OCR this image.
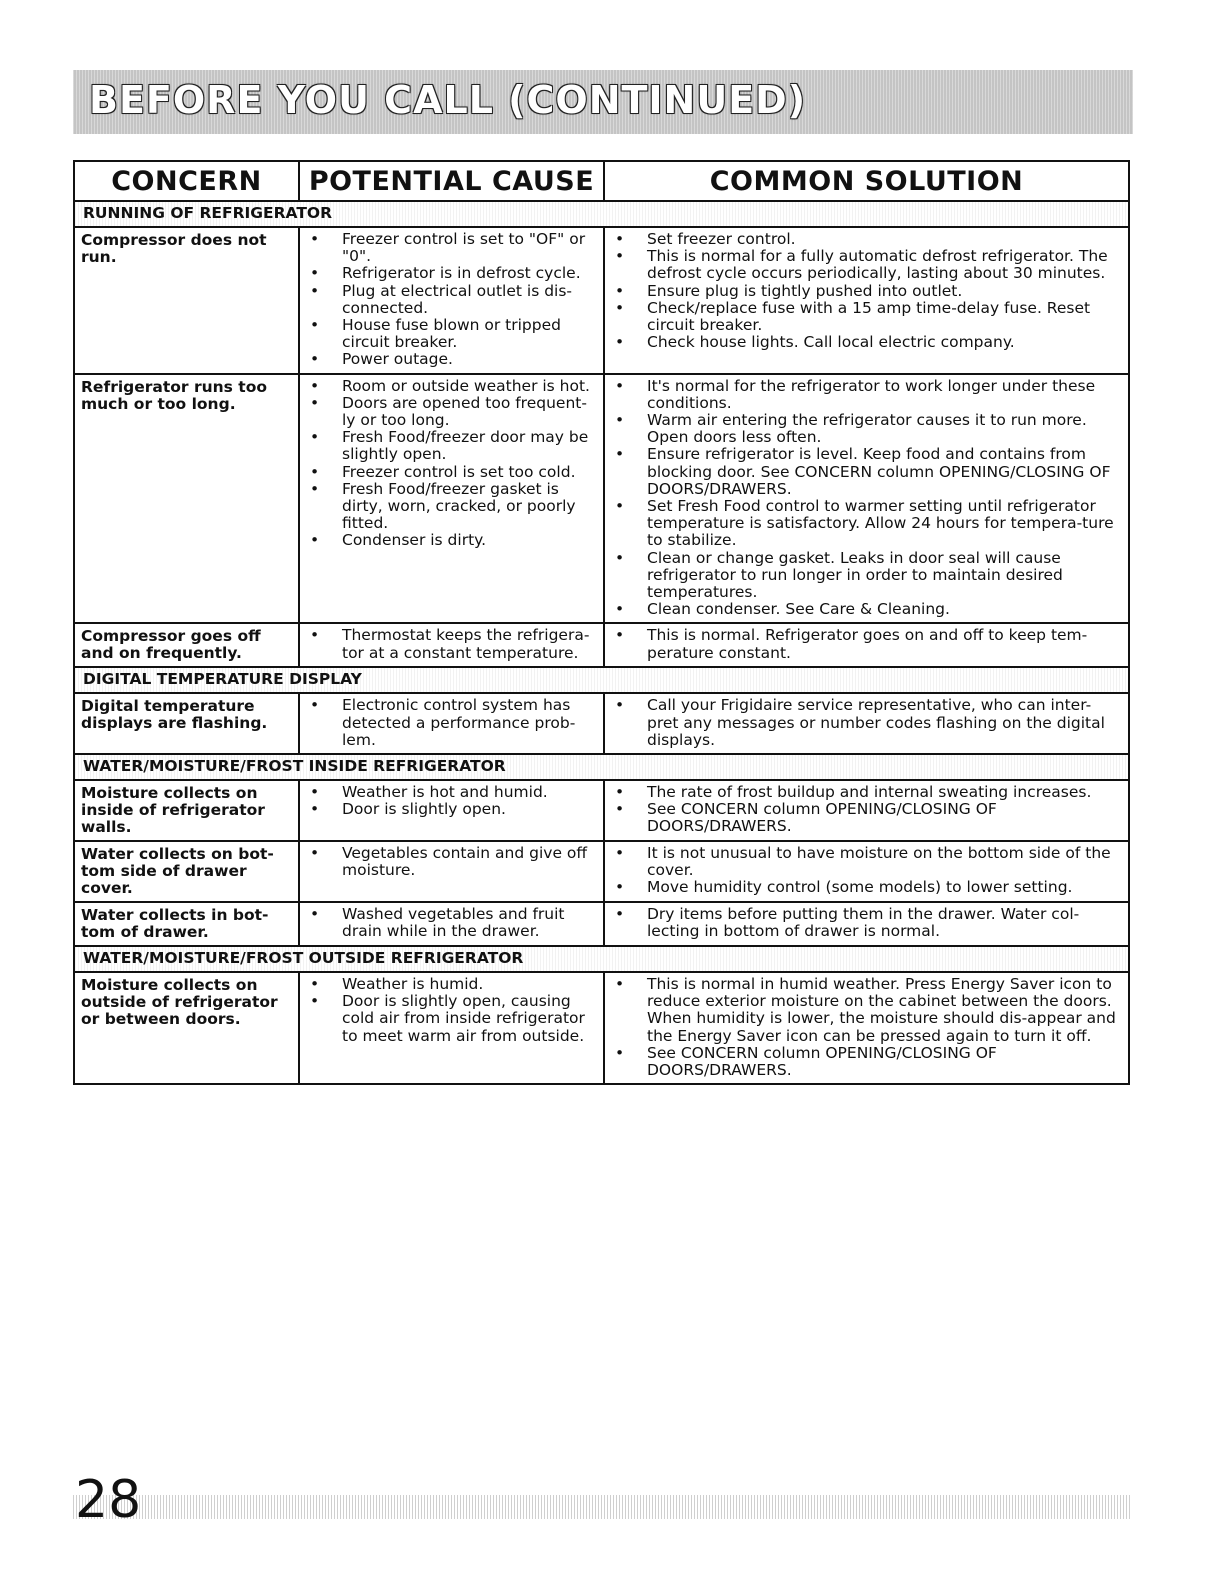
BEFORE YOU CALL (CONTINUED)
CONCERN	POTENTIAL CAUSE	COMMON SOLUTION
RUNNING OF REFRIGERATOR
Compressor does not run.
• Freezer control is set to "OF" or "0".
• Refrigerator is in defrost cycle.
• Plug at electrical outlet is dis-connected.
• House fuse blown or tripped circuit breaker.
• Power outage.
• Set freezer control.
• This is normal for a fully automatic defrost refrigerator. The defrost cycle occurs periodically, lasting about 30 minutes.
• Ensure plug is tightly pushed into outlet.
• Check/replace fuse with a 15 amp time-delay fuse. Reset circuit breaker.
• Check house lights. Call local electric company.
Refrigerator runs too much or too long.
• Room or outside weather is hot.
• Doors are opened too frequent-ly or too long.
• Fresh Food/freezer door may be slightly open.
• Freezer control is set too cold.
• Fresh Food/freezer gasket is dirty, worn, cracked, or poorly fitted.
• Condenser is dirty.
• It's normal for the refrigerator to work longer under these conditions.
• Warm air entering the refrigerator causes it to run more. Open doors less often.
• Ensure refrigerator is level. Keep food and contains from blocking door. See CONCERN column OPENING/CLOSING OF DOORS/DRAWERS.
• Set Fresh Food control to warmer setting until refrigerator temperature is satisfactory. Allow 24 hours for tempera-ture to stabilize.
• Clean or change gasket. Leaks in door seal will cause refrigerator to run longer in order to maintain desired temperatures.
• Clean condenser. See Care & Cleaning.
Compressor goes off and on frequently.
• Thermostat keeps the refrigera-tor at a constant temperature.
• This is normal. Refrigerator goes on and off to keep tem-perature constant.
DIGITAL TEMPERATURE DISPLAY
Digital temperature displays are flashing.
• Electronic control system has detected a performance prob-lem.
• Call your Frigidaire service representative, who can inter-pret any messages or number codes flashing on the digital displays.
WATER/MOISTURE/FROST INSIDE REFRIGERATOR
Moisture collects on inside of refrigerator walls.
• Weather is hot and humid.
• Door is slightly open.
• The rate of frost buildup and internal sweating increases.
• See CONCERN column OPENING/CLOSING OF DOORS/DRAWERS.
Water collects on bot-tom side of drawer cover.
• Vegetables contain and give off moisture.
• It is not unusual to have moisture on the bottom side of the cover.
• Move humidity control (some models) to lower setting.
Water collects in bot-tom of drawer.
• Washed vegetables and fruit drain while in the drawer.
• Dry items before putting them in the drawer. Water col-lecting in bottom of drawer is normal.
WATER/MOISTURE/FROST OUTSIDE REFRIGERATOR
Moisture collects on outside of refrigerator or between doors.
• Weather is humid.
• Door is slightly open, causing cold air from inside refrigerator to meet warm air from outside.
• This is normal in humid weather. Press Energy Saver icon to reduce exterior moisture on the cabinet between the doors. When humidity is lower, the moisture should dis-appear and the Energy Saver icon can be pressed again to turn it off.
• See CONCERN column OPENING/CLOSING OF DOORS/DRAWERS.
28
